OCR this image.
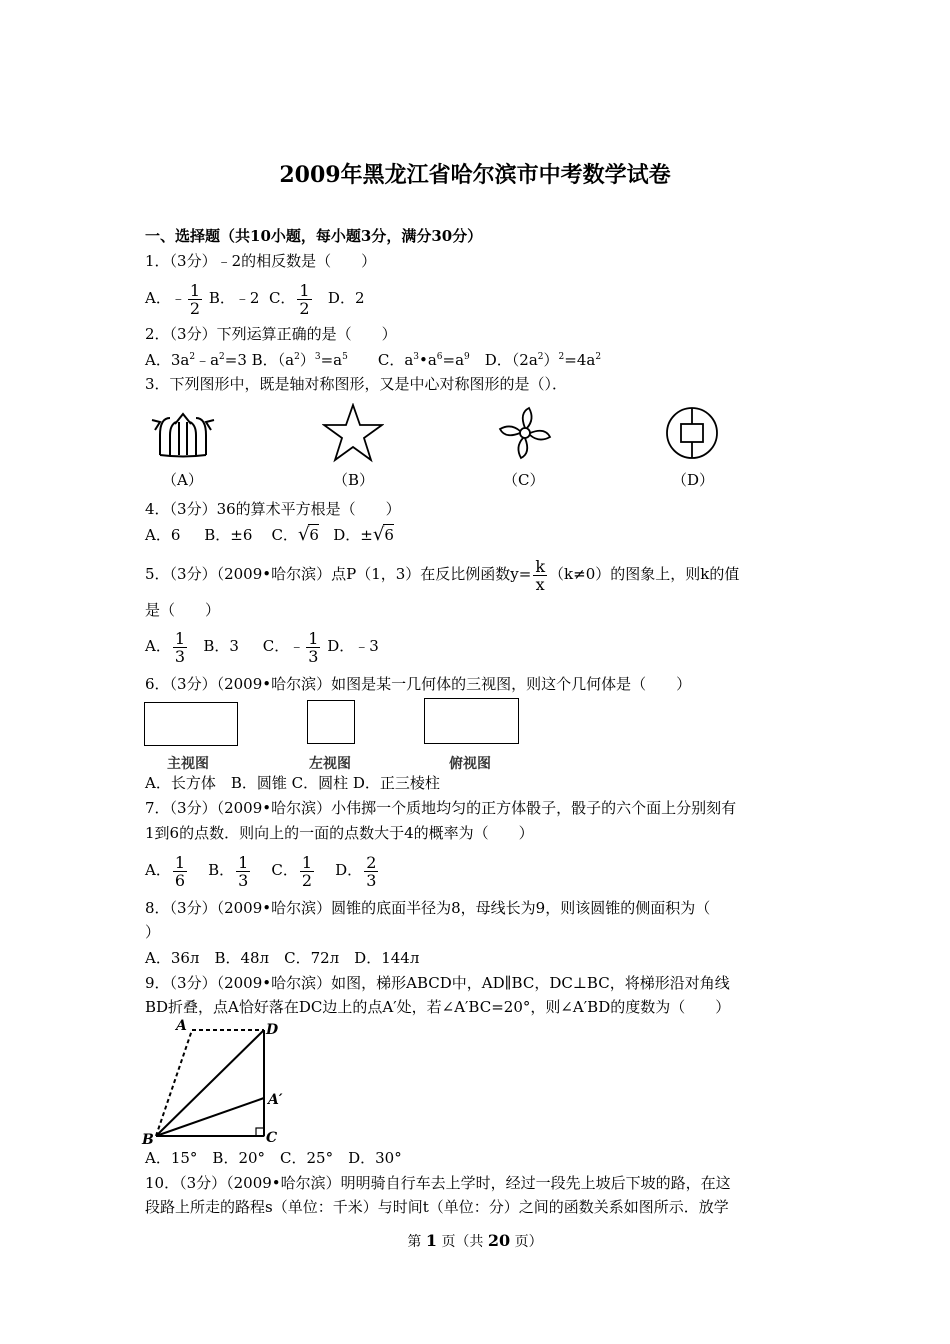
2009年黑龙江省哈尔滨市中考数学试卷
一、选择题（共10小题，每小题3分，满分30分）
1．（3分）﹣2的相反数是（　　）
A．﹣ $\frac{1}{2}$ B．﹣2 C． $\frac{1}{2}$ D．2
2．（3分）下列运算正确的是（　　）
A．$3a^2﹣a^2=3$ B．$(a^2)^3=a^5$　　C．$a^3•a^6=a^9$　D．$(2a^2)^2=4a^2$
3．下列图形中，既是轴对称图形，又是中心对称图形的是（）．
（A）	（B）	（C）	（D）
4．（3分）36的算术平方根是（　　）
A．6 B．±6 C．√6 D．±√6
5．（3分）（2009•哈尔滨）点P（1，3）在反比例函数$y= \frac{k}{x} (k\ne 0)$的图象上，则k的值
是（　　）
A． $\frac{1}{3}$ B．3 C．﹣ $\frac{1}{3}$ D．﹣3
6．（3分）（2009•哈尔滨）如图是某一几何体的三视图，则这个几何体是（　　）
主视图	左视图	俯视图
A．长方体　B．圆锥 C．圆柱 D．正三棱柱
7．（3分）（2009•哈尔滨）小伟掷一个质地均匀的正方体骰子，骰子的六个面上分别刻有
1到6的点数．则向上的一面的点数大于4的概率为（　　）
A． $\frac{1}{6}$ B． $\frac{1}{3}$ C． $\frac{1}{2}$ D． $\frac{2}{3}$
8．（3分）（2009•哈尔滨）圆锥的底面半径为8，母线长为9，则该圆锥的侧面积为（
）
A．36л　B．48л　C．72л　D．144л
9．（3分）（2009•哈尔滨）如图，梯形ABCD中，AD∥BC，DC⊥BC，将梯形沿对角线
BD折叠，点A恰好落在DC边上的点A′处，若∠A′BC=20°，则∠A′BD的度数为（　　）
A	D
A′
B	C
A．15°　B．20°　C．25°　D．30°
10．（3分）（2009•哈尔滨）明明骑自行车去上学时，经过一段先上坡后下坡的路，在这
段路上所走的路程s（单位：千米）与时间t（单位：分）之间的函数关系如图所示．放学
第 1 页（共 20 页）
